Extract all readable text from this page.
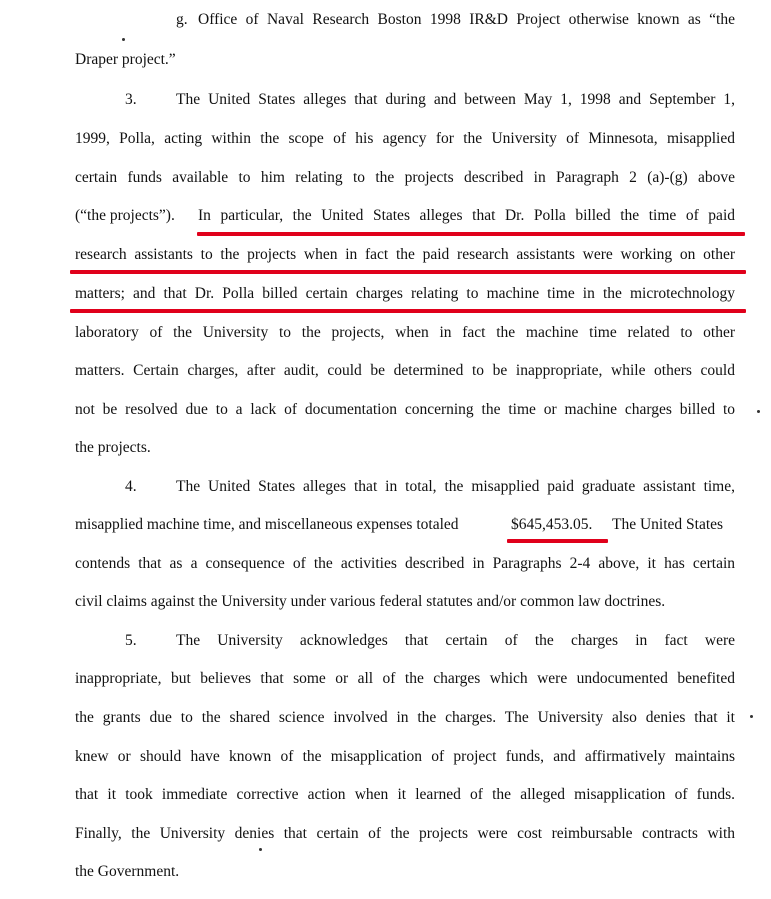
g. Office of Naval Research Boston 1998 IR&D Project otherwise known as “the
Draper project.”
3.	The United States alleges that during and between May 1, 1998 and September 1,
1999, Polla, acting within the scope of his agency for the University of Minnesota, misapplied
certain funds available to him relating to the projects described in Paragraph 2 (a)-(g) above
(“the projects”). In particular, the United States alleges that Dr. Polla billed the time of paid
research assistants to the projects when in fact the paid research assistants were working on other
matters; and that Dr. Polla billed certain charges relating to machine time in the microtechnology
laboratory of the University to the projects, when in fact the machine time related to other
matters. Certain charges, after audit, could be determined to be inappropriate, while others could
not be resolved due to a lack of documentation concerning the time or machine charges billed to
the projects.
4.	The United States alleges that in total, the misapplied paid graduate assistant time,
misapplied machine time, and miscellaneous expenses totaled	$645,453.05. The United States
contends that as a consequence of the activities described in Paragraphs 2-4 above, it has certain
civil claims against the University under various federal statutes and/or common law doctrines.
5.	The University acknowledges that certain of the charges in fact were
inappropriate, but believes that some or all of the charges which were undocumented benefited
the grants due to the shared science involved in the charges. The University also denies that it
knew or should have known of the misapplication of project funds, and affirmatively maintains
that it took immediate corrective action when it learned of the alleged misapplication of funds.
Finally, the University denies that certain of the projects were cost reimbursable contracts with
the Government.
